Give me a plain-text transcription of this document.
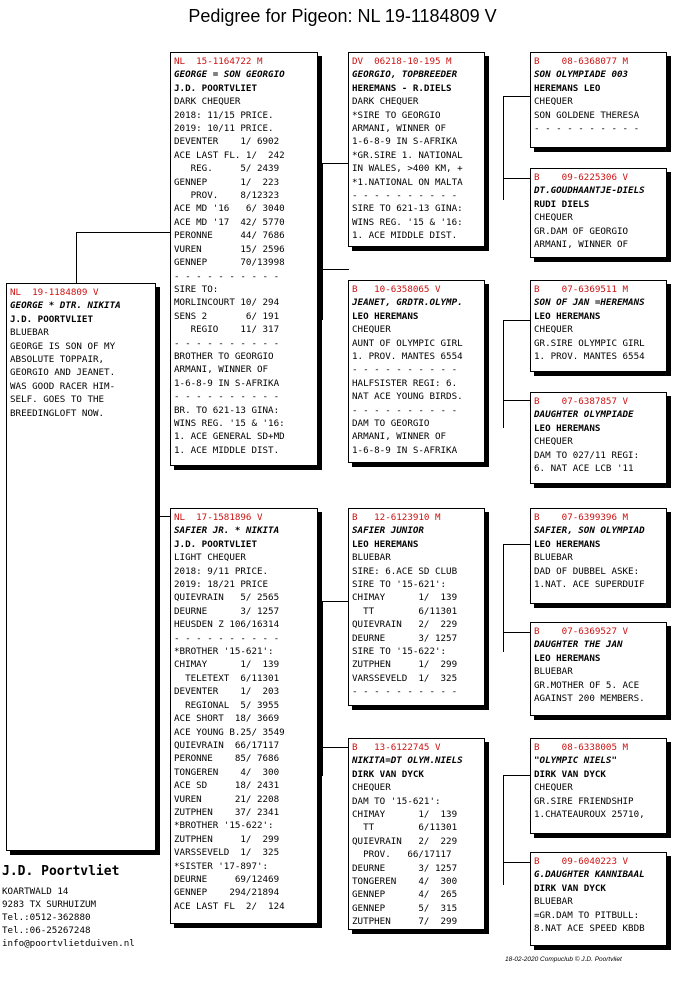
Pedigree for Pigeon: NL 19-1184809 V
NL  19-1184809 V
GEORGE * DTR. NIKITA
J.D. POORTVLIET
BLUEBAR
GEORGE IS SON OF MY
ABSOLUTE TOPPAIR,
GEORGIO AND JEANET.
WAS GOOD RACER HIM-
SELF. GOES TO THE
BREEDINGLOFT NOW.
NL  15-1164722 M
GEORGE = SON GEORGIO
J.D. POORTVLIET
DARK CHEQUER
2018: 11/15 PRICE.
2019: 10/11 PRICE.
DEVENTER    1/ 6902
ACE LAST FL. 1/  242
REG.     5/ 2439
GENNEP      1/  223
PROV.    8/12323
ACE MD '16   6/ 3040
ACE MD '17  42/ 5770
PERONNE     44/ 7686
VUREN       15/ 2596
GENNEP      70/13998
- - - - - - - - - -
SIRE TO:
MORLINCOURT 10/ 294
SENS 2       6/ 191
REGIO    11/ 317
- - - - - - - - - -
BROTHER TO GEORGIO
ARMANI, WINNER OF
1-6-8-9 IN S-AFRIKA
- - - - - - - - - -
BR. TO 621-13 GINA:
WINS REG. '15 & '16:
1. ACE GENERAL SD+MD
1. ACE MIDDLE DIST.
NL  17-1581896 V
SAFIER JR. * NIKITA
J.D. POORTVLIET
LIGHT CHEQUER
2018: 9/11 PRICE.
2019: 18/21 PRICE
QUIEVRAIN   5/ 2565
DEURNE      3/ 1257
HEUSDEN Z 106/16314
- - - - - - - - - -
*BROTHER '15-621':
CHIMAY      1/  139
TELETEXT  6/11301
DEVENTER    1/  203
REGIONAL  5/ 3955
ACE SHORT  18/ 3669
ACE YOUNG B.25/ 3549
QUIEVRAIN  66/17117
PERONNE    85/ 7686
TONGEREN    4/  300
ACE SD     18/ 2431
VUREN      21/ 2208
ZUTPHEN    37/ 2341
*BROTHER '15-622':
ZUTPHEN     1/  299
VARSSEVELD  1/  325
*SISTER '17-897':
DEURNE     69/12469
GENNEP    294/21894
ACE LAST FL  2/  124
DV  06218-10-195 M
GEORGIO, TOPBREEDER
HEREMANS - R.DIELS
DARK CHEQUER
*SIRE TO GEORGIO
ARMANI, WINNER OF
1-6-8-9 IN S-AFRIKA
*GR.SIRE 1. NATIONAL
IN WALES, >400 KM, +
*1.NATIONAL ON MALTA
- - - - - - - - - -
SIRE TO 621-13 GINA:
WINS REG. '15 & '16:
1. ACE MIDDLE DIST.
B   10-6358065 V
JEANET, GRDTR.OLYMP.
LEO HEREMANS
CHEQUER
AUNT OF OLYMPIC GIRL
1. PROV. MANTES 6554
- - - - - - - - - -
HALFSISTER REGI: 6.
NAT ACE YOUNG BIRDS.
- - - - - - - - - -
DAM TO GEORGIO
ARMANI, WINNER OF
1-6-8-9 IN S-AFRIKA
- - - - - - - - - -
B   12-6123910 M
SAFIER JUNIOR
LEO HEREMANS
BLUEBAR
SIRE: 6.ACE SD CLUB
SIRE TO '15-621':
CHIMAY      1/  139
TT        6/11301
QUIEVRAIN   2/  229
DEURNE      3/ 1257
SIRE TO '15-622':
ZUTPHEN     1/  299
VARSSEVELD  1/  325
- - - - - - - - - -
B   13-6122745 V
NIKITA=DT OLYM.NIELS
DIRK VAN DYCK
CHEQUER
DAM TO '15-621':
CHIMAY      1/  139
TT        6/11301
QUIEVRAIN   2/  229
PROV.   66/17117
DEURNE      3/ 1257
TONGEREN    4/  300
GENNEP      4/  265
GENNEP      5/  315
ZUTPHEN     7/  299
B    08-6368077 M
SON OLYMPIADE 003
HEREMANS LEO
CHEQUER
SON GOLDENE THERESA
- - - - - - - - - -
B    09-6225306 V
DT.GOUDHAANTJE-DIELS
RUDI DIELS
CHEQUER
GR.DAM OF GEORGIO
ARMANI, WINNER OF
B    07-6369511 M
SON OF JAN =HEREMANS
LEO HEREMANS
CHEQUER
GR.SIRE OLYMPIC GIRL
1. PROV. MANTES 6554
B    07-6387857 V
DAUGHTER OLYMPIADE
LEO HEREMANS
CHEQUER
DAM TO 027/11 REGI:
6. NAT ACE LCB '11
B    07-6399396 M
SAFIER, SON OLYMPIAD
LEO HEREMANS
BLUEBAR
DAD OF DUBBEL ASKE:
1.NAT. ACE SUPERDUIF
B    07-6369527 V
DAUGHTER THE JAN
LEO HEREMANS
BLUEBAR
GR.MOTHER OF 5. ACE
AGAINST 200 MEMBERS.
B    08-6338005 M
"OLYMPIC NIELS"
DIRK VAN DYCK
CHEQUER
GR.SIRE FRIENDSHIP
1.CHATEAUROUX 25710,
B    09-6040223 V
G.DAUGHTER KANNIBAAL
DIRK VAN DYCK
BLUEBAR
=GR.DAM TO PITBULL:
8.NAT ACE SPEED KBDB
J.D. Poortvliet
KOARTWALD 14
9283 TX SURHUIZUM
Tel.:0512-362880
Tel.:06-25267248
info@poortvlietduiven.nl
18-02-2020 Compuclub © J.D. Poortvliet
